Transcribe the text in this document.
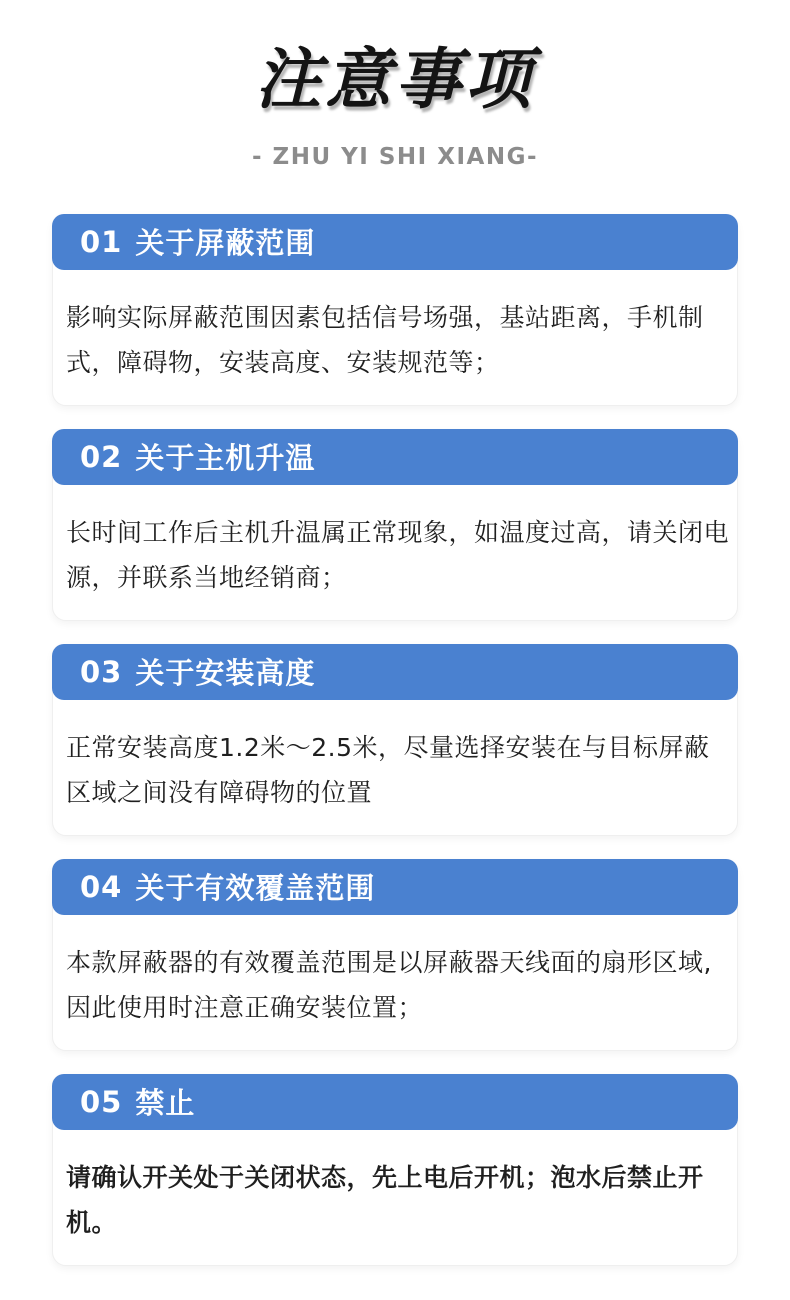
注意事项
- ZHU YI SHI XIANG-
01 关于屏蔽范围
影响实际屏蔽范围因素包括信号场强，基站距离，手机制式，障碍物，安装高度、安装规范等；
02 关于主机升温
长时间工作后主机升温属正常现象，如温度过高，请关闭电源，并联系当地经销商；
03 关于安装高度
正常安装高度1.2米～2.5米，尽量选择安装在与目标屏蔽区域之间没有障碍物的位置
04 关于有效覆盖范围
本款屏蔽器的有效覆盖范围是以屏蔽器天线面的扇形区域,因此使用时注意正确安装位置；
05 禁止
请确认开关处于关闭状态，先上电后开机；泡水后禁止开机。
